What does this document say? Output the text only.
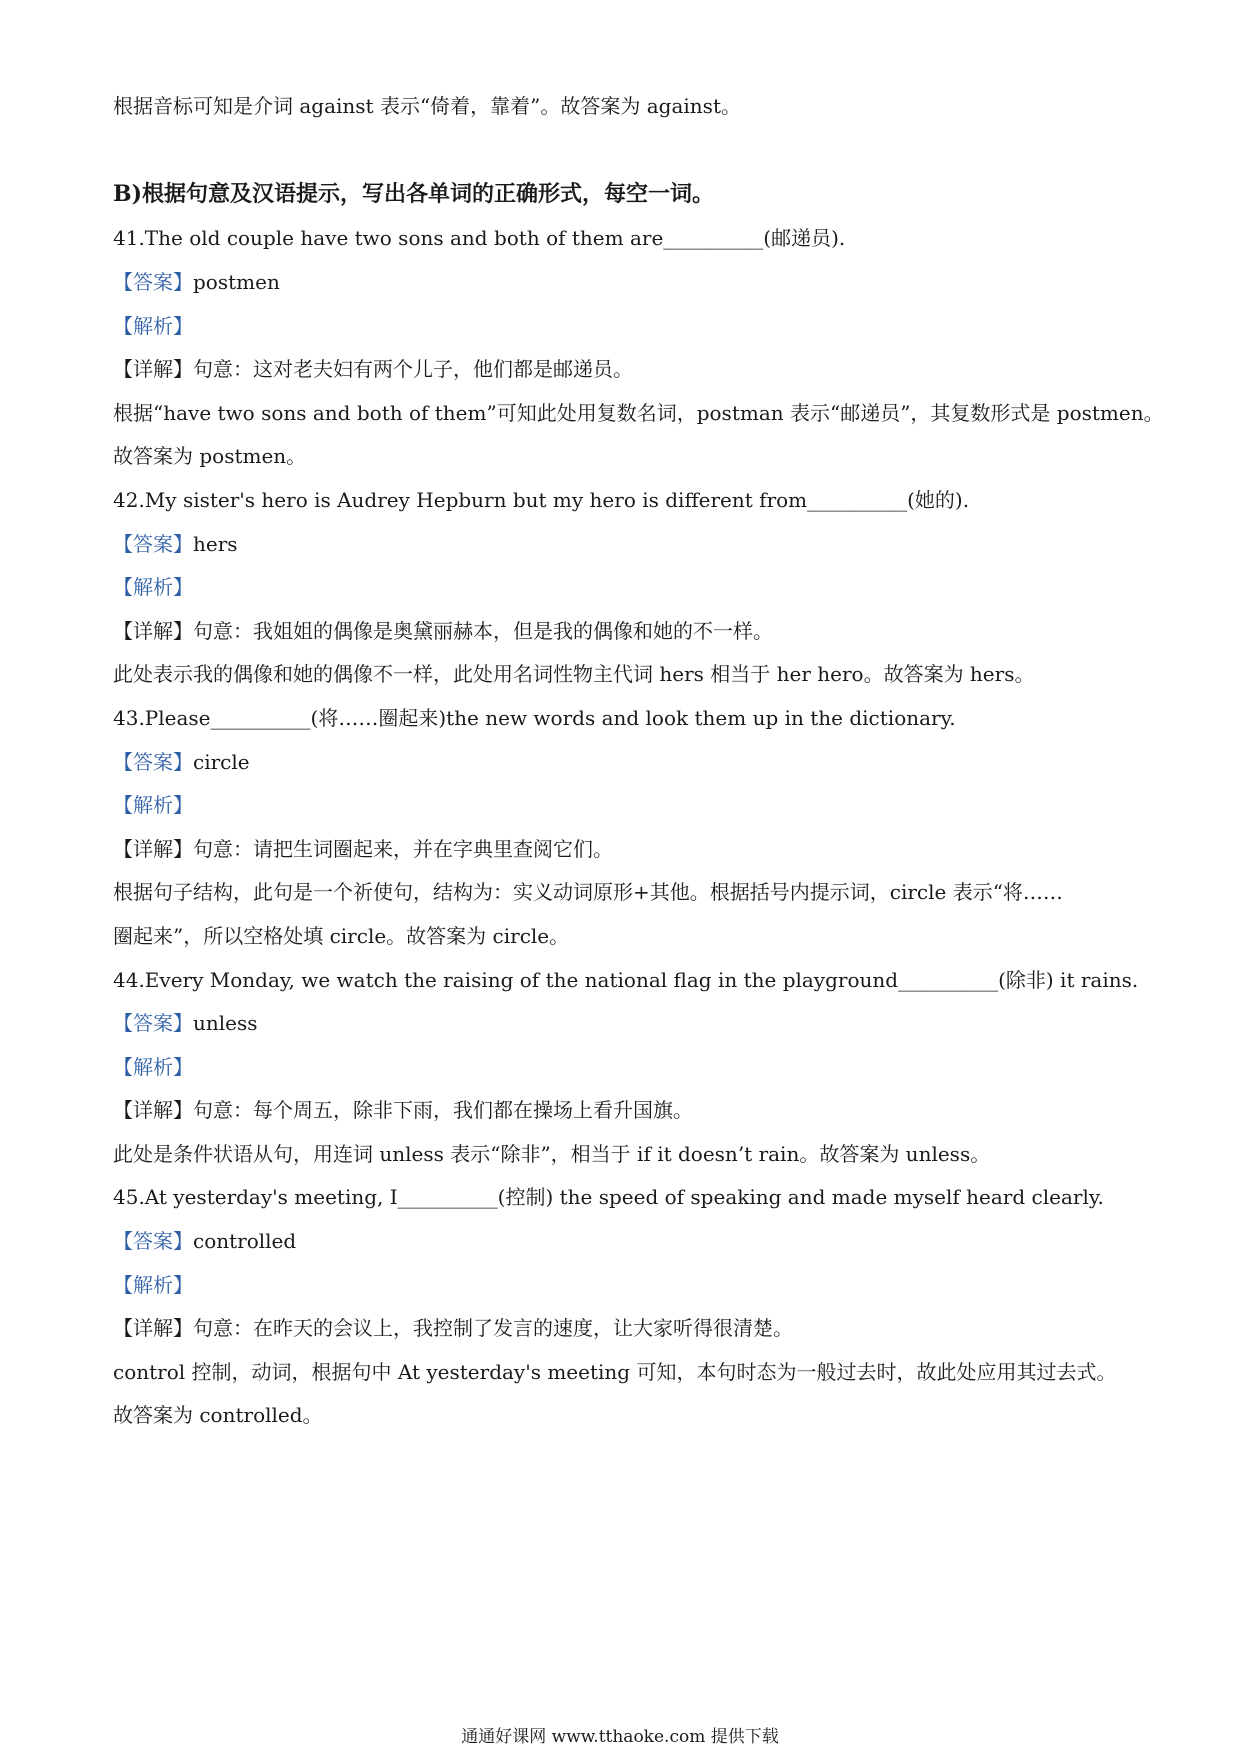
根据音标可知是介词 against 表示“倚着，靠着”。故答案为 against。
B)根据句意及汉语提示，写出各单词的正确形式，每空一词。
41.The old couple have two sons and both of them are__________(邮递员).
【答案】postmen
【解析】
【详解】句意：这对老夫妇有两个儿子，他们都是邮递员。
根据“have two sons and both of them”可知此处用复数名词，postman 表示“邮递员”，其复数形式是 postmen。
故答案为 postmen。
42.My sister's hero is Audrey Hepburn but my hero is different from__________(她的).
【答案】hers
【解析】
【详解】句意：我姐姐的偶像是奥黛丽赫本，但是我的偶像和她的不一样。
此处表示我的偶像和她的偶像不一样，此处用名词性物主代词 hers 相当于 her hero。故答案为 hers。
43.Please__________(将……圈起来)the new words and look them up in the dictionary.
【答案】circle
【解析】
【详解】句意：请把生词圈起来，并在字典里查阅它们。
根据句子结构，此句是一个祈使句，结构为：实义动词原形+其他。根据括号内提示词，circle 表示“将……
圈起来”，所以空格处填 circle。故答案为 circle。
44.Every Monday, we watch the raising of the national flag in the playground__________(除非) it rains.
【答案】unless
【解析】
【详解】句意：每个周五，除非下雨，我们都在操场上看升国旗。
此处是条件状语从句，用连词 unless 表示“除非”，相当于 if it doesn’t rain。故答案为 unless。
45.At yesterday's meeting, I__________(控制) the speed of speaking and made myself heard clearly.
【答案】controlled
【解析】
【详解】句意：在昨天的会议上，我控制了发言的速度，让大家听得很清楚。
control 控制，动词，根据句中 At yesterday's meeting 可知，本句时态为一般过去时，故此处应用其过去式。
故答案为 controlled。
通通好课网 www.tthaoke.com 提供下载
